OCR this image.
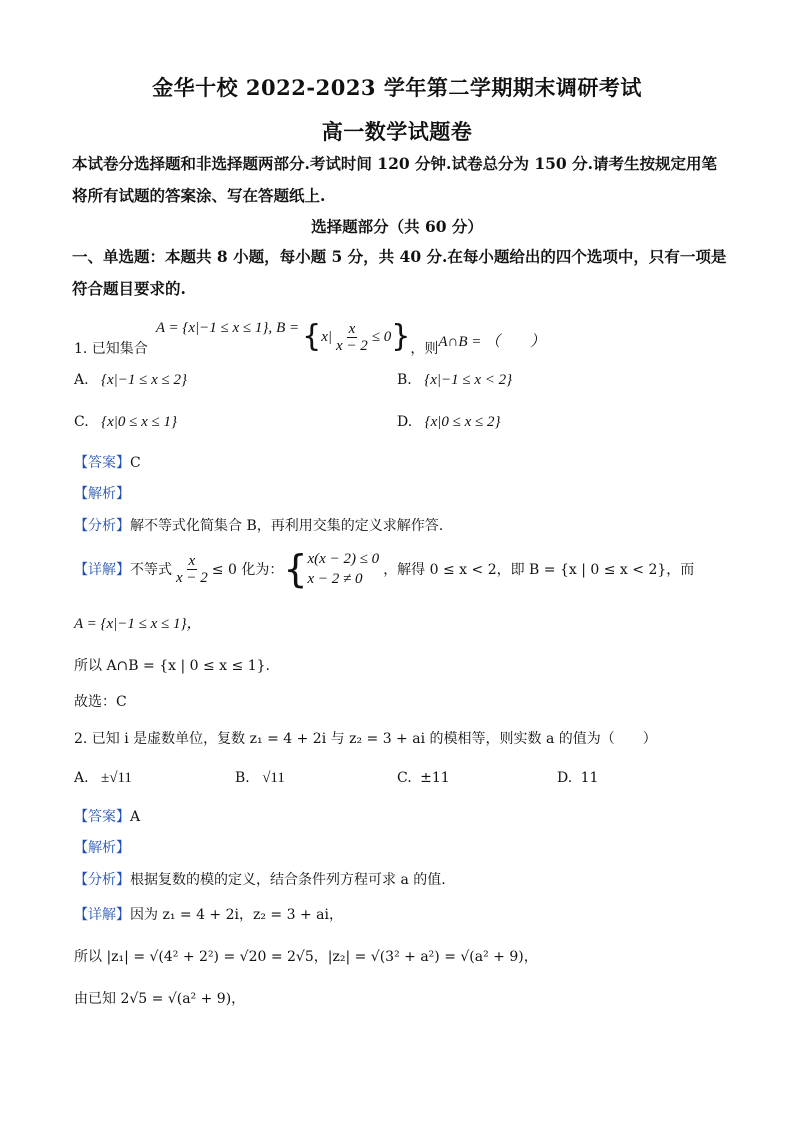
金华十校 2022-2023 学年第二学期期末调研考试
高一数学试题卷
本试卷分选择题和非选择题两部分.考试时间 120 分钟.试卷总分为 150 分.请考生按规定用笔
将所有试题的答案涂、写在答题纸上.
选择题部分（共 60 分）
一、单选题：本题共 8 小题，每小题 5 分，共 40 分.在每小题给出的四个选项中，只有一项是
符合题目要求的.
1. 已知集合
A = {x|−1 ≤ x ≤ 1} , B = { $x| \frac{x}{x - 2} \le 0$ } ，则 A∩B = （　　）
A. {x|−1 ≤ x ≤ 2}	B. {x|−1 ≤ x < 2}
C. {x|0 ≤ x ≤ 1}	D. {x|0 ≤ x ≤ 2}
【答案】C
【解析】
【分析】解不等式化简集合 B，再利用交集的定义求解作答.
【详解】 不等式 $\frac{x}{x - 2} \le 0$ 化为： { x(x − 2) ≤ 0
x − 2 ≠ 0
，解得 0 ≤ x < 2，即 B = {x | 0 ≤ x < 2}，而
A = {x|−1 ≤ x ≤ 1}，
所以 A∩B = {x | 0 ≤ x ≤ 1}.
故选：C
2. 已知 i 是虚数单位，复数 z₁ = 4 + 2i 与 z₂ = 3 + ai 的模相等，则实数 a 的值为（　　）
A. ±√11	B. √11	C. ±11	D. 11
【答案】A
【解析】
【分析】根据复数的模的定义，结合条件列方程可求 a 的值.
【详解】因为 z₁ = 4 + 2i，z₂ = 3 + ai，
所以 |z₁| = √(4² + 2²) = √20 = 2√5，|z₂| = √(3² + a²) = √(a² + 9)，
由已知 2√5 = √(a² + 9)，
